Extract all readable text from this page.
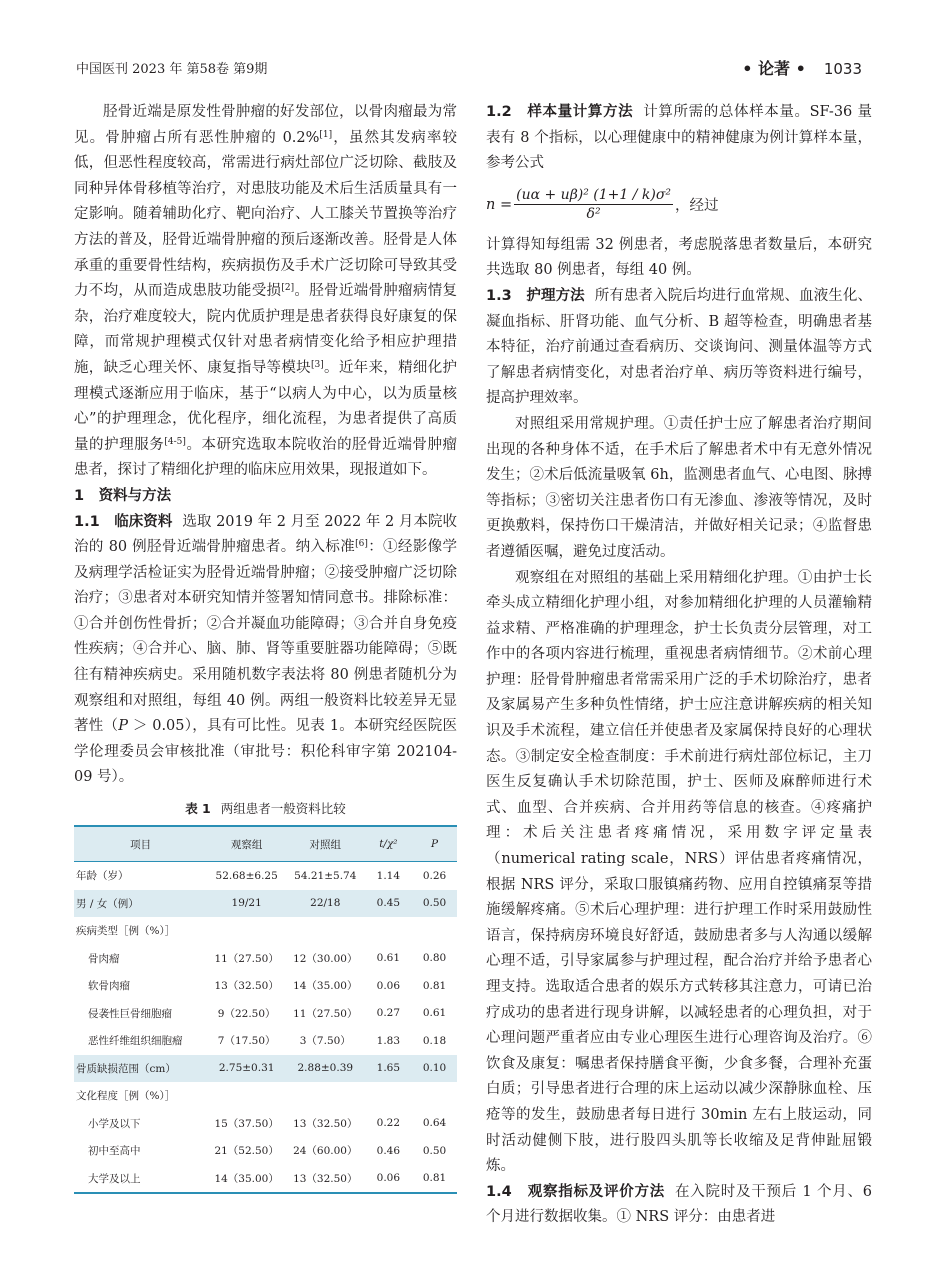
中国医刊 2023 年 第58卷 第9期	• 论著 • 1033

胫骨近端是原发性骨肿瘤的好发部位，以骨肉瘤最为常见。骨肿瘤占所有恶性肿瘤的 0.2%[1]，虽然其发病率较低，但恶性程度较高，常需进行病灶部位广泛切除、截肢及同种异体骨移植等治疗，对患肢功能及术后生活质量具有一定影响。随着辅助化疗、靶向治疗、人工膝关节置换等治疗方法的普及，胫骨近端骨肿瘤的预后逐渐改善。胫骨是人体承重的重要骨性结构，疾病损伤及手术广泛切除可导致其受力不均，从而造成患肢功能受损[2]。胫骨近端骨肿瘤病情复杂，治疗难度较大，院内优质护理是患者获得良好康复的保障，而常规护理模式仅针对患者病情变化给予相应护理措施，缺乏心理关怀、康复指导等模块[3]。近年来，精细化护理模式逐渐应用于临床，基于“以病人为中心，以为质量核心”的护理理念，优化程序，细化流程，为患者提供了高质量的护理服务[4-5]。本研究选取本院收治的胫骨近端骨肿瘤患者，探讨了精细化护理的临床应用效果，现报道如下。

1　资料与方法

1.1　临床资料 选取 2019 年 2 月至 2022 年 2 月本院收治的 80 例胫骨近端骨肿瘤患者。纳入标准[6]：①经影像学及病理学活检证实为胫骨近端骨肿瘤；②接受肿瘤广泛切除治疗；③患者对本研究知情并签署知情同意书。排除标准：①合并创伤性骨折；②合并凝血功能障碍；③合并自身免疫性疾病；④合并心、脑、肺、肾等重要脏器功能障碍；⑤既往有精神疾病史。采用随机数字表法将 80 例患者随机分为观察组和对照组，每组 40 例。两组一般资料比较差异无显著性（P ＞ 0.05），具有可比性。见表 1。本研究经医院医学伦理委员会审核批准（审批号：积伦科审字第 202104-09 号）。

表 1 两组患者一般资料比较
项目	观察组	对照组	t/χ²	P
年龄（岁）	52.68±6.25	54.21±5.74	1.14	0.26
男 / 女（例）	19/21	22/18	0.45	0.50
疾病类型［例（%）］				
骨肉瘤	11（27.50）	12（30.00）	0.61	0.80
软骨肉瘤	13（32.50）	14（35.00）	0.06	0.81
侵袭性巨骨细胞瘤	9（22.50）	11（27.50）	0.27	0.61
恶性纤维组织细胞瘤	7（17.50）	3（7.50）	1.83	0.18
骨质缺损范围（cm）	2.75±0.31	2.88±0.39	1.65	0.10
文化程度［例（%）］				
小学及以下	15（37.50）	13（32.50）	0.22	0.64
初中至高中	21（52.50）	24（60.00）	0.46	0.50
大学及以上	14（35.00）	13（32.50）	0.06	0.81

1.2　样本量计算方法 计算所需的总体样本量。SF-36 量表有 8 个指标，以心理健康中的精神健康为例计算样本量，参考公式

$n = \frac{\text{(uα + uβ)² (1+1 / k)σ²}}{\text{δ²}}$ ，经过

计算得知每组需 32 例患者，考虑脱落患者数量后，本研究共选取 80 例患者，每组 40 例。

1.3　护理方法 所有患者入院后均进行血常规、血液生化、凝血指标、肝肾功能、血气分析、B 超等检查，明确患者基本特征，治疗前通过查看病历、交谈询问、测量体温等方式了解患者病情变化，对患者治疗单、病历等资料进行编号，提高护理效率。

对照组采用常规护理。①责任护士应了解患者治疗期间出现的各种身体不适，在手术后了解患者术中有无意外情况发生；②术后低流量吸氧 6h，监测患者血气、心电图、脉搏等指标；③密切关注患者伤口有无渗血、渗液等情况，及时更换敷料，保持伤口干燥清洁，并做好相关记录；④监督患者遵循医嘱，避免过度活动。

观察组在对照组的基础上采用精细化护理。①由护士长牵头成立精细化护理小组，对参加精细化护理的人员灌输精益求精、严格准确的护理理念，护士长负责分层管理，对工作中的各项内容进行梳理，重视患者病情细节。②术前心理护理：胫骨骨肿瘤患者常需采用广泛的手术切除治疗，患者及家属易产生多种负性情绪，护士应注意讲解疾病的相关知识及手术流程，建立信任并使患者及家属保持良好的心理状态。③制定安全检查制度：手术前进行病灶部位标记，主刀医生反复确认手术切除范围，护士、医师及麻醉师进行术式、血型、合并疾病、合并用药等信息的核查。④疼痛护理：术后关注患者疼痛情况，采用数字评定量表（numerical rating scale，NRS）评估患者疼痛情况，根据 NRS 评分，采取口服镇痛药物、应用自控镇痛泵等措施缓解疼痛。⑤术后心理护理：进行护理工作时采用鼓励性语言，保持病房环境良好舒适，鼓励患者多与人沟通以缓解心理不适，引导家属参与护理过程，配合治疗并给予患者心理支持。选取适合患者的娱乐方式转移其注意力，可请已治疗成功的患者进行现身讲解，以减轻患者的心理负担，对于心理问题严重者应由专业心理医生进行心理咨询及治疗。⑥饮食及康复：嘱患者保持膳食平衡，少食多餐，合理补充蛋白质；引导患者进行合理的床上运动以减少深静脉血栓、压疮等的发生，鼓励患者每日进行 30min 左右上肢运动，同时活动健侧下肢，进行股四头肌等长收缩及足背伸趾屈锻炼。

1.4　观察指标及评价方法 在入院时及干预后 1 个月、6 个月进行数据收集。① NRS 评分：由患者进
